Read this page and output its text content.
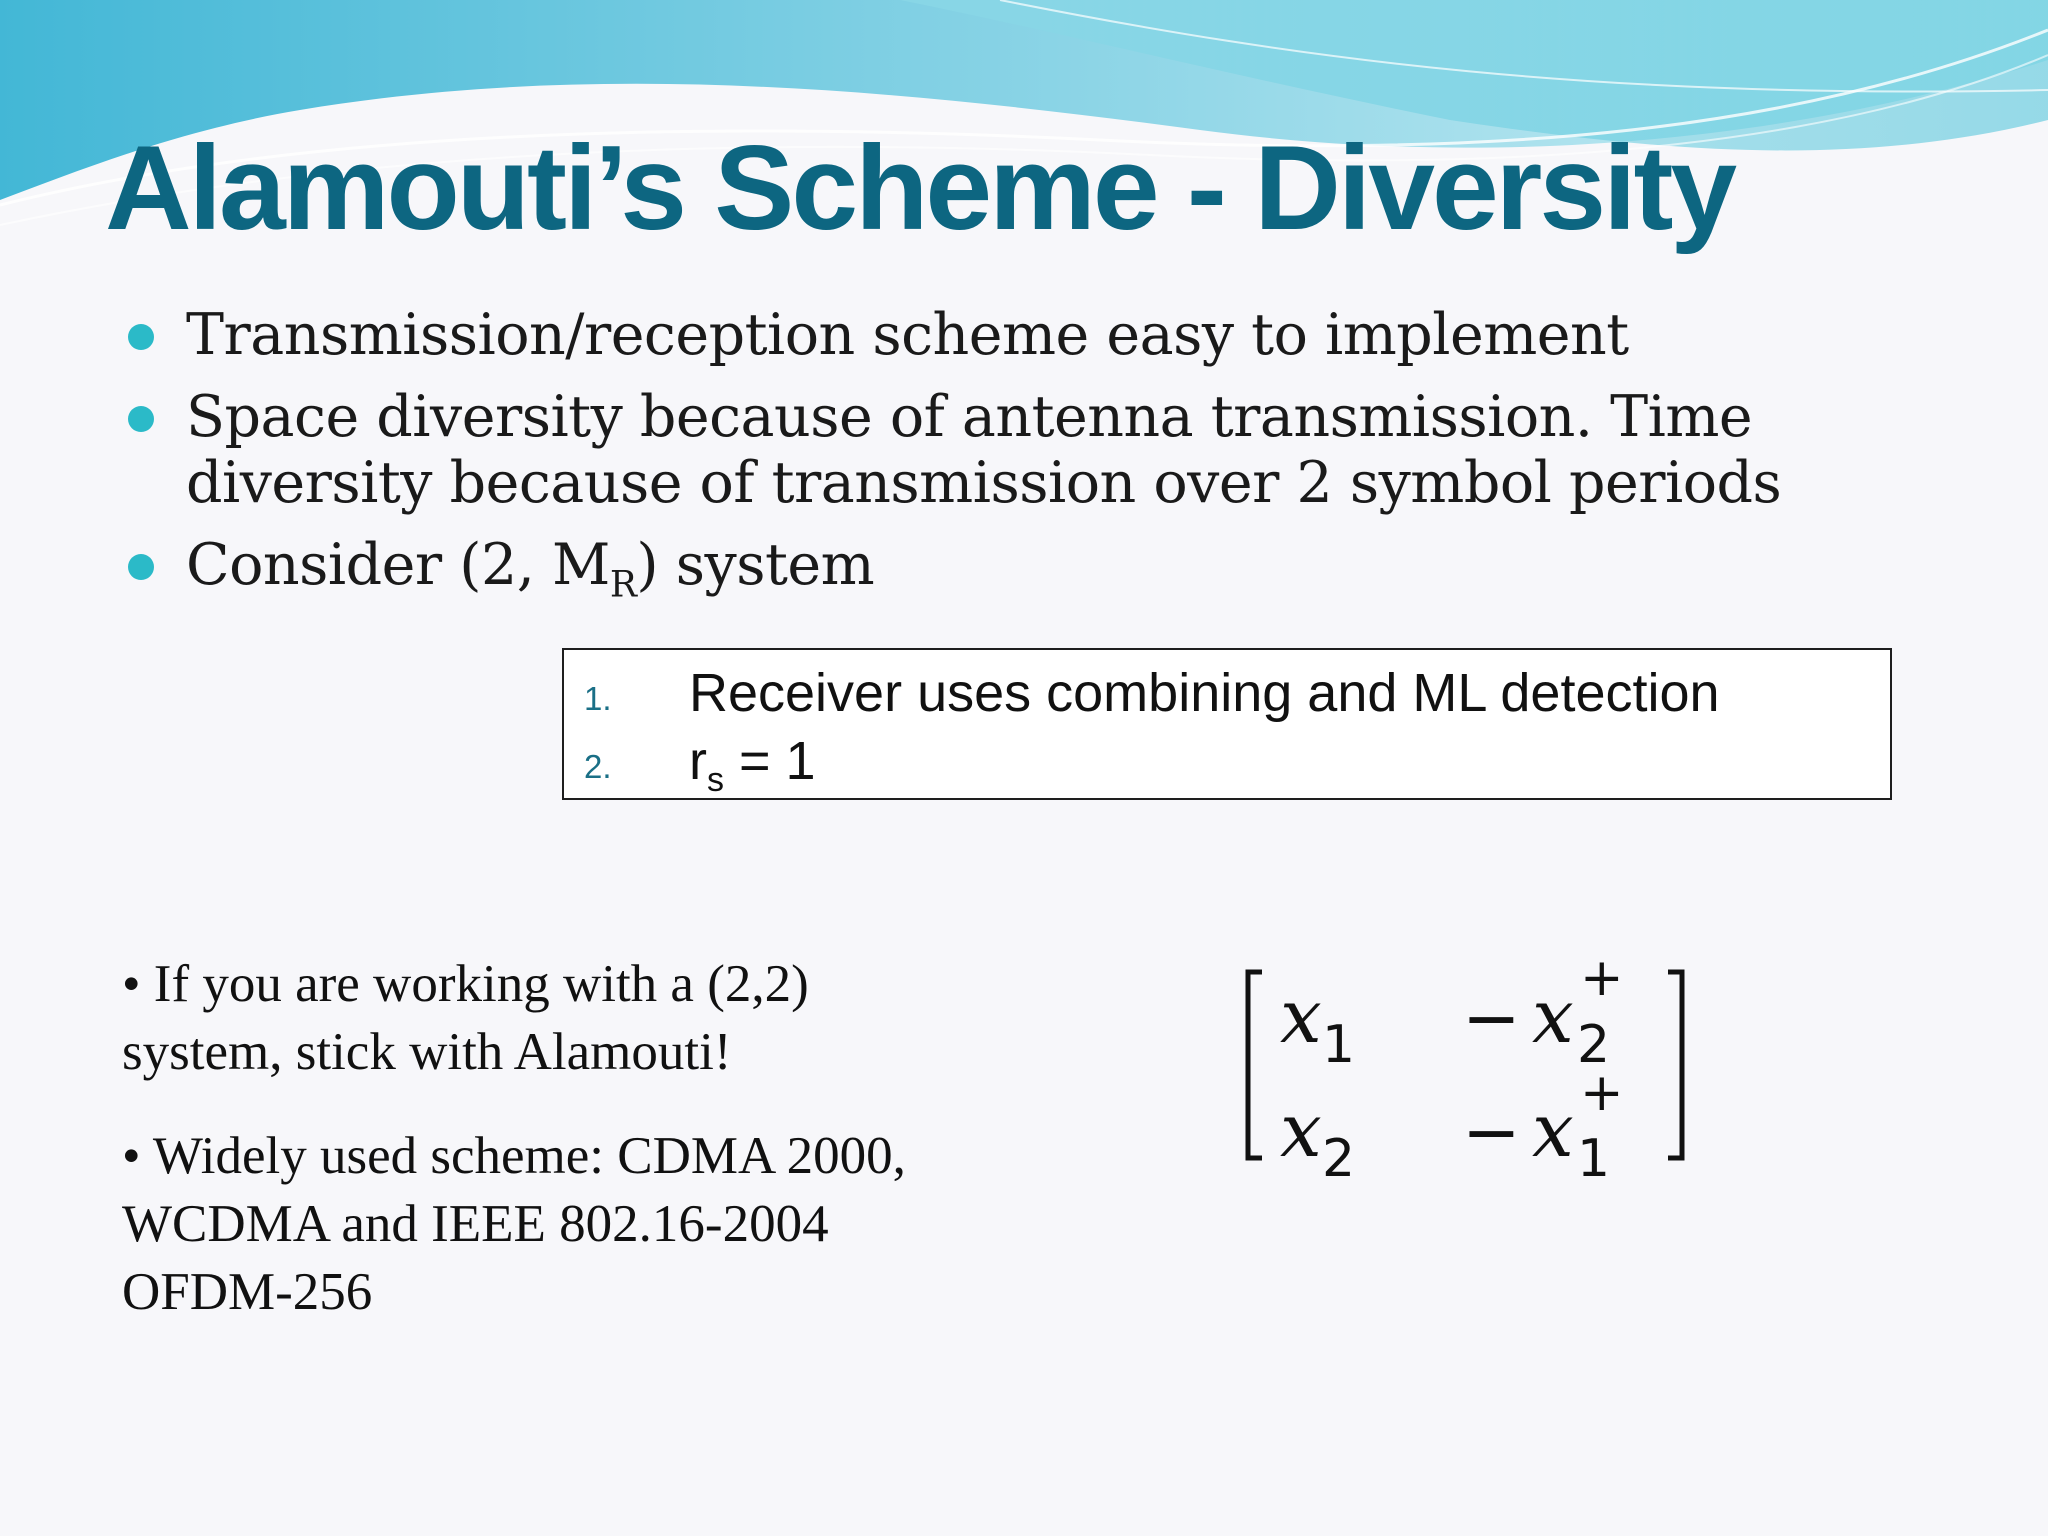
Alamouti’s Scheme - Diversity
Transmission/reception scheme easy to implement
Space diversity because of antenna transmission. Time diversity because of transmission over 2 symbol periods
Consider (2, $M_R$) system
1. Receiver uses combining and ML detection
2. $r_s = 1$

• If you are working with a (2,2) system, stick with Alamouti!

• Widely used scheme: CDMA 2000, WCDMA and IEEE 802.16-2004 OFDM-256

x 1 − x 2
+
x 2 − x 1
+
